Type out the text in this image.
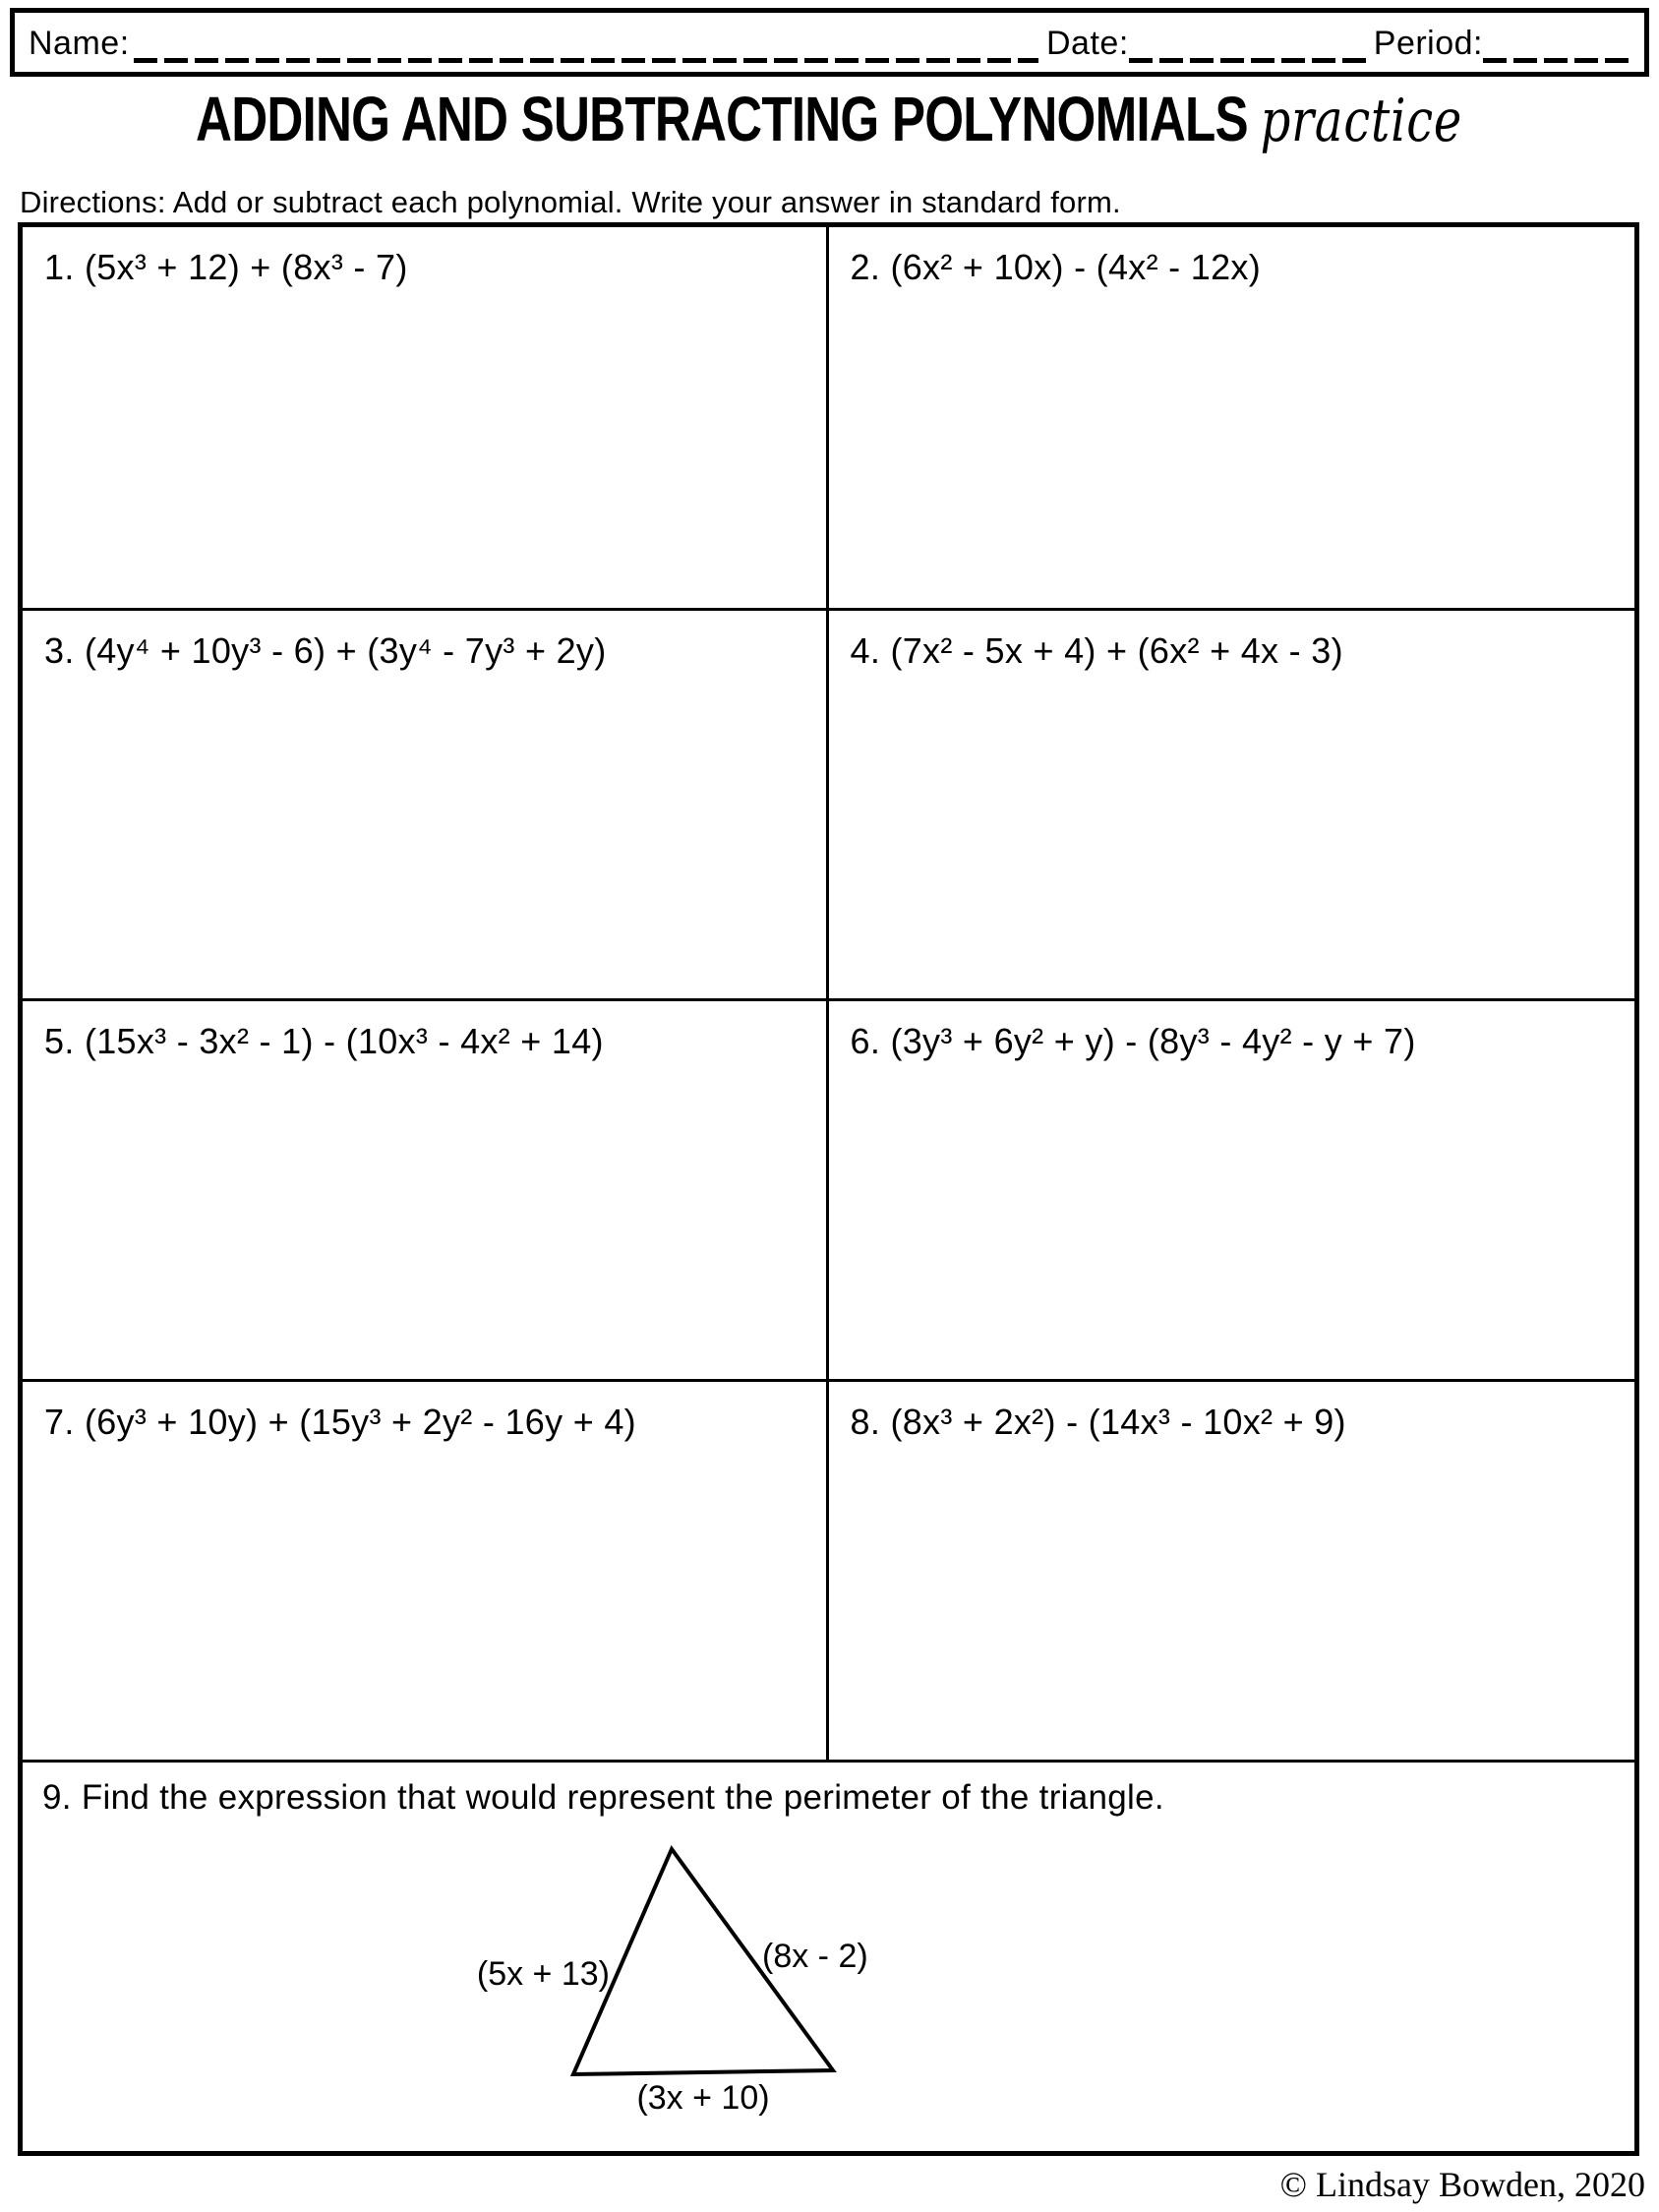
Name:	Date:	Period:
ADDING AND SUBTRACTING POLYNOMIALS practice
Directions: Add or subtract each polynomial. Write your answer in standard form.
1. (5x³ + 12) + (8x³ - 7)	2. (6x² + 10x) - (4x² - 12x)
3. (4y⁴ + 10y³ - 6) + (3y⁴ - 7y³ + 2y)	4. (7x² - 5x + 4) + (6x² + 4x - 3)
5. (15x³ - 3x² - 1) - (10x³ - 4x² + 14)	6. (3y³ + 6y² + y) - (8y³ - 4y² - y + 7)
7. (6y³ + 10y) + (15y³ + 2y² - 16y + 4)	8. (8x³ + 2x²) - (14x³ - 10x² + 9)
9. Find the expression that would represent the perimeter of the triangle.
(5x + 13)	(8x - 2)
(3x + 10)
© Lindsay Bowden, 2020
